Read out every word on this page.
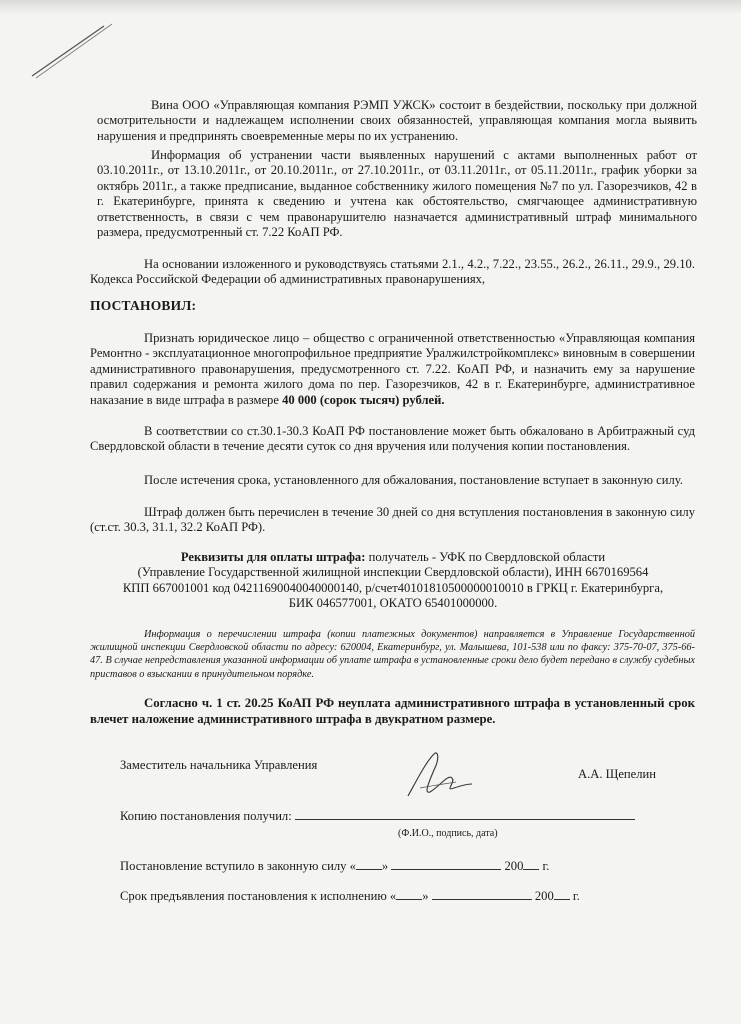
Вина ООО «Управляющая компания РЭМП УЖСК» состоит в бездействии, поскольку при должной осмотрительности и надлежащем исполнении своих обязанностей, управляющая компания могла выявить нарушения и предпринять своевременные меры по их устранению.

Информация об устранении части выявленных нарушений с актами выполненных работ от 03.10.2011г., от 13.10.2011г., от 20.10.2011г., от 27.10.2011г., от 03.11.2011г., от 05.11.2011г., график уборки за октябрь 2011г., а также предписание, выданное собственнику жилого помещения №7 по ул. Газорезчиков, 42 в г. Екатеринбурге, принята к сведению и учтена как обстоятельство, смягчающее административную ответственность, в связи с чем правонарушителю назначается административный штраф минимального размера, предусмотренный ст. 7.22 КоАП РФ.

На основании изложенного и руководствуясь статьями 2.1., 4.2., 7.22., 23.55., 26.2., 26.11., 29.9., 29.10. Кодекса Российской Федерации об административных правонарушениях,

ПОСТАНОВИЛ:

Признать юридическое лицо – общество с ограниченной ответственностью «Управляющая компания Ремонтно - эксплуатационное многопрофильное предприятие Уралжилстройкомплекс» виновным в совершении административного правонарушения, предусмотренного ст. 7.22. КоАП РФ, и назначить ему за нарушение правил содержания и ремонта жилого дома по пер. Газорезчиков, 42 в г. Екатеринбурге, административное наказание в виде штрафа в размере 40 000 (сорок тысяч) рублей.

В соответствии со ст.30.1-30.3 КоАП РФ постановление может быть обжаловано в Арбитражный суд Свердловской области в течение десяти суток со дня вручения или получения копии постановления.

После истечения срока, установленного для обжалования, постановление вступает в законную силу.

Штраф должен быть перечислен в течение 30 дней со дня вступления постановления в законную силу (ст.ст. 30.3, 31.1, 32.2 КоАП РФ).

Реквизиты для оплаты штрафа: получатель - УФК по Свердловской области
(Управление Государственной жилищной инспекции Свердловской области), ИНН 6670169564
КПП 667001001 код 04211690040040000140, р/счет40101810500000010010 в ГРКЦ г. Екатеринбурга,
БИК 046577001, ОКАТО 65401000000.

Информация о перечислении штрафа (копии платежных документов) направляется в Управление Государственной жилищной инспекции Свердловской области по адресу: 620004, Екатеринбург, ул. Малышева, 101-538 или по факсу: 375-70-07, 375-66-47. В случае непредставления указанной информации об уплате штрафа в установленные сроки дело будет передано в службу судебных приставов о взыскании в принудительном порядке.

Согласно ч. 1 ст. 20.25 КоАП РФ неуплата административного штрафа в установленный срок влечет наложение административного штрафа в двукратном размере.

Заместитель начальника Управления
А.А. Щепелин
Копию постановления получил:
(Ф.И.О., подпись, дата)
Постановление вступило в законную силу « »	200 г.
Срок предъявления постановления к исполнению « »	200 г.
